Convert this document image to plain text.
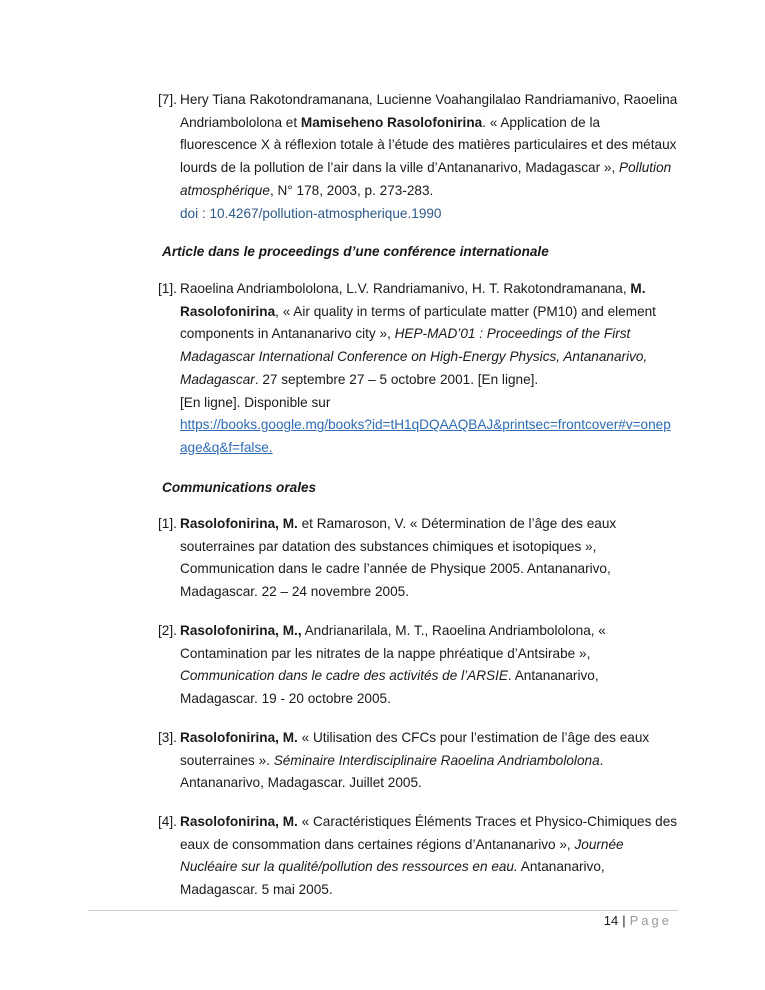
[7]. Hery Tiana Rakotondramanana, Lucienne Voahangilalao Randriamanivo, Raoelina Andriambololona et Mamiseheno Rasolofonirina. « Application de la fluorescence X à réflexion totale à l’étude des matières particulaires et des métaux lourds de la pollution de l’air dans la ville d’Antananarivo, Madagascar », Pollution atmosphérique, N° 178, 2003, p. 273-283.
doi : 10.4267/pollution-atmospherique.1990
Article dans le proceedings d’une conférence internationale
[1]. Raoelina Andriambololona, L.V. Randriamanivo, H. T. Rakotondramanana, M. Rasolofonirina, « Air quality in terms of particulate matter (PM10) and element components in Antananarivo city », HEP-MAD’01 : Proceedings of the First Madagascar International Conference on High-Energy Physics, Antananarivo, Madagascar. 27 septembre 27 – 5 octobre 2001. [En ligne].
[En ligne]. Disponible sur
https://books.google.mg/books?id=tH1qDQAAQBAJ&printsec=frontcover#v=onepage&q&f=false.
Communications orales
[1]. Rasolofonirina, M. et Ramaroson, V. « Détermination de l’âge des eaux souterraines par datation des substances chimiques et isotopiques », Communication dans le cadre l’année de Physique 2005. Antananarivo, Madagascar. 22 – 24 novembre 2005.
[2]. Rasolofonirina, M., Andrianarilala, M. T., Raoelina Andriambololona, « Contamination par les nitrates de la nappe phréatique d’Antsirabe », Communication dans le cadre des activités de l’ARSIE. Antananarivo, Madagascar. 19 - 20 octobre 2005.
[3]. Rasolofonirina, M. « Utilisation des CFCs pour l’estimation de l’âge des eaux souterraines ». Séminaire Interdisciplinaire Raoelina Andriambololona. Antananarivo, Madagascar. Juillet 2005.
[4]. Rasolofonirina, M. « Caractéristiques Éléments Traces et Physico-Chimiques des eaux de consommation dans certaines régions d’Antananarivo », Journée Nucléaire sur la qualité/pollution des ressources en eau. Antananarivo, Madagascar. 5 mai 2005.
14 | Page
